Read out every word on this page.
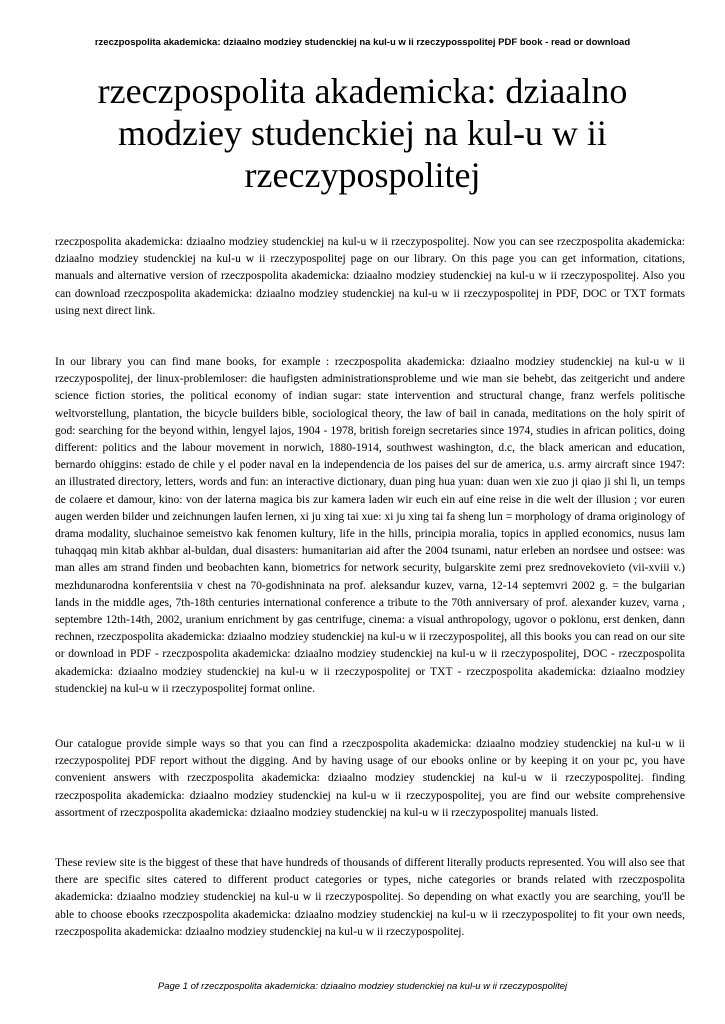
rzeczpospolita akademicka: dziaalno modziey studenckiej na kul-u w ii rzeczyposspolitej PDF book - read or download
rzeczpospolita akademicka: dziaalno modziey studenckiej na kul-u w ii rzeczypospolitej

rzeczpospolita akademicka: dziaalno modziey studenckiej na kul-u w ii rzeczypospolitej. Now you can see rzeczpospolita akademicka: dziaalno modziey studenckiej na kul-u w ii rzeczypospolitej page on our library. On this page you can get information, citations, manuals and alternative version of rzeczpospolita akademicka: dziaalno modziey studenckiej na kul-u w ii rzeczypospolitej. Also you can download rzeczpospolita akademicka: dziaalno modziey studenckiej na kul-u w ii rzeczypospolitej in PDF, DOC or TXT formats using next direct link.

In our library you can find mane books, for example : rzeczpospolita akademicka: dziaalno modziey studenckiej na kul-u w ii rzeczypospolitej, der linux-problemloser: die haufigsten administrationsprobleme und wie man sie behebt, das zeitgericht und andere science fiction stories, the political economy of indian sugar: state intervention and structural change, franz werfels politische weltvorstellung, plantation, the bicycle builders bible, sociological theory, the law of bail in canada, meditations on the holy spirit of god: searching for the beyond within, lengyel lajos, 1904 - 1978, british foreign secretaries since 1974, studies in african politics, doing different: politics and the labour movement in norwich, 1880-1914, southwest washington, d.c, the black american and education, bernardo ohiggins: estado de chile y el poder naval en la independencia de los paises del sur de america, u.s. army aircraft since 1947: an illustrated directory, letters, words and fun: an interactive dictionary, duan ping hua yuan: duan wen xie zuo ji qiao ji shi li, un temps de colaere et damour, kino: von der laterna magica bis zur kamera laden wir euch ein auf eine reise in die welt der illusion ; vor euren augen werden bilder und zeichnungen laufen lernen, xi ju xing tai xue: xi ju xing tai fa sheng lun = morphology of drama originology of drama modality, sluchainoe semeistvo kak fenomen kultury, life in the hills, principia moralia, topics in applied economics, nusus lam tuhaqqaq min kitab akhbar al-buldan, dual disasters: humanitarian aid after the 2004 tsunami, natur erleben an nordsee und ostsee: was man alles am strand finden und beobachten kann, biometrics for network security, bulgarskite zemi prez srednovekovieto (vii-xviii v.) mezhdunarodna konferentsiia v chest na 70-godishninata na prof. aleksandur kuzev, varna, 12-14 septemvri 2002 g. = the bulgarian lands in the middle ages, 7th-18th centuries international conference a tribute to the 70th anniversary of prof. alexander kuzev, varna , septembre 12th-14th, 2002, uranium enrichment by gas centrifuge, cinema: a visual anthropology, ugovor o poklonu, erst denken, dann rechnen, rzeczpospolita akademicka: dziaalno modziey studenckiej na kul-u w ii rzeczypospolitej, all this books you can read on our site or download in PDF - rzeczpospolita akademicka: dziaalno modziey studenckiej na kul-u w ii rzeczypospolitej, DOC - rzeczpospolita akademicka: dziaalno modziey studenckiej na kul-u w ii rzeczypospolitej or TXT - rzeczpospolita akademicka: dziaalno modziey studenckiej na kul-u w ii rzeczypospolitej format online.

Our catalogue provide simple ways so that you can find a rzeczpospolita akademicka: dziaalno modziey studenckiej na kul-u w ii rzeczypospolitej PDF report without the digging. And by having usage of our ebooks online or by keeping it on your pc, you have convenient answers with rzeczpospolita akademicka: dziaalno modziey studenckiej na kul-u w ii rzeczypospolitej. finding rzeczpospolita akademicka: dziaalno modziey studenckiej na kul-u w ii rzeczypospolitej, you are find our website comprehensive assortment of rzeczpospolita akademicka: dziaalno modziey studenckiej na kul-u w ii rzeczypospolitej manuals listed.

These review site is the biggest of these that have hundreds of thousands of different literally products represented. You will also see that there are specific sites catered to different product categories or types, niche categories or brands related with rzeczpospolita akademicka: dziaalno modziey studenckiej na kul-u w ii rzeczypospolitej. So depending on what exactly you are searching, you'll be able to choose ebooks rzeczpospolita akademicka: dziaalno modziey studenckiej na kul-u w ii rzeczypospolitej to fit your own needs, rzeczpospolita akademicka: dziaalno modziey studenckiej na kul-u w ii rzeczypospolitej.

Page 1 of rzeczpospolita akademicka: dziaalno modziey studenckiej na kul-u w ii rzeczypospolitej
